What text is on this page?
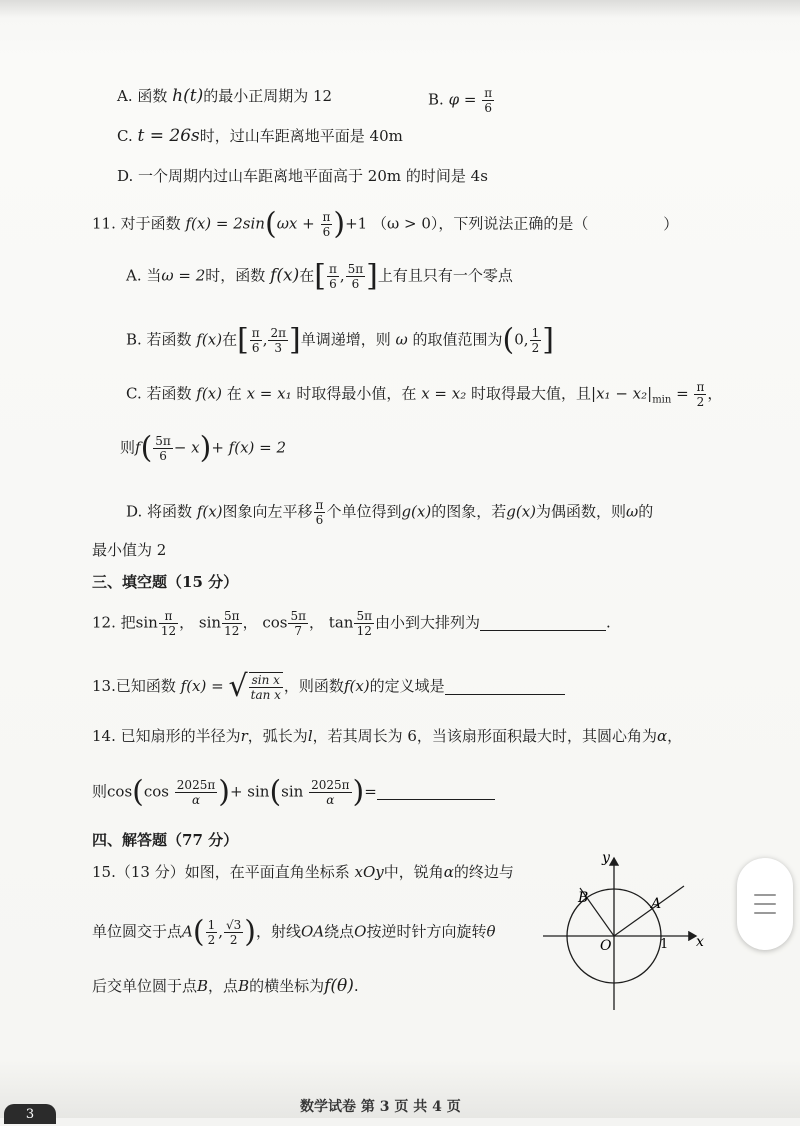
A. 函数 h(t)的最小正周期为 12	B. $\varphi = \frac{\pi}{6}$
C. t = 26s时，过山车距离地平面是 40m
D. 一个周期内过山车距离地平面高于 20m 的时间是 4s
11. 对于函数 $f(x) = 2\sin(\omega x + \frac{\pi}{6} )+1$ （ω > 0），下列说法正确的是（	）
A. 当ω = 2时，函数 f(x)在[ $\frac{\pi}{6}$ , $\frac{5\pi}{6}$ ]上有且只有一个零点
B. 若函数 f(x)在[ $\frac{\pi}{6}$ , $\frac{2\pi}{3}$ ]单调递增，则 ω 的取值范围为(0, $\frac{1}{2}$ ]
C. 若函数 f(x) 在 x = x₁ 时取得最小值，在 x = x₂ 时取得最大值，且$|x_1 - x_2|_{min} = \frac{\pi}{2}$ ，
则$f( \frac{5\pi}{6} - x)+ f(x) = 2$
D. 将函数 f(x)图象向左平移 $\frac{\pi}{6}$ 个单位得到g(x)的图象，若g(x)为偶函数，则ω的
最小值为 2
三、填空题（15 分）
12. 把$\sin \frac{\pi}{12}$ ， $\sin \frac{5\pi}{12}$ ， $\cos \frac{5\pi}{7}$ ， $\tan \frac{5\pi}{12}$ 由小到大排列为	.
13.已知函数 f(x) = √ $\frac{\text{sin x}}{\text{tan x}}$ ，则函数f(x)的定义域是
14. 已知扇形的半径为r，弧长为l，若其周长为 6，当该扇形面积最大时，其圆心角为α，
则$\cos(\cos \frac{2025\pi}{\alpha}$ )+ $\sin(\sin \frac{2025\pi}{\alpha}$ )=
四、解答题（77 分）
15.（13 分）如图，在平面直角坐标系 xOy中，锐角α的终边与
单位圆交于点$A( \frac{1}{2}$ , $\frac{√3}{2}$ )，射线OA绕点O按逆时针方向旋转θ
后交单位圆于点B，点B的横坐标为f(θ).
y
x
O	1
A
B
数学试卷 第 3 页 共 4 页
3
